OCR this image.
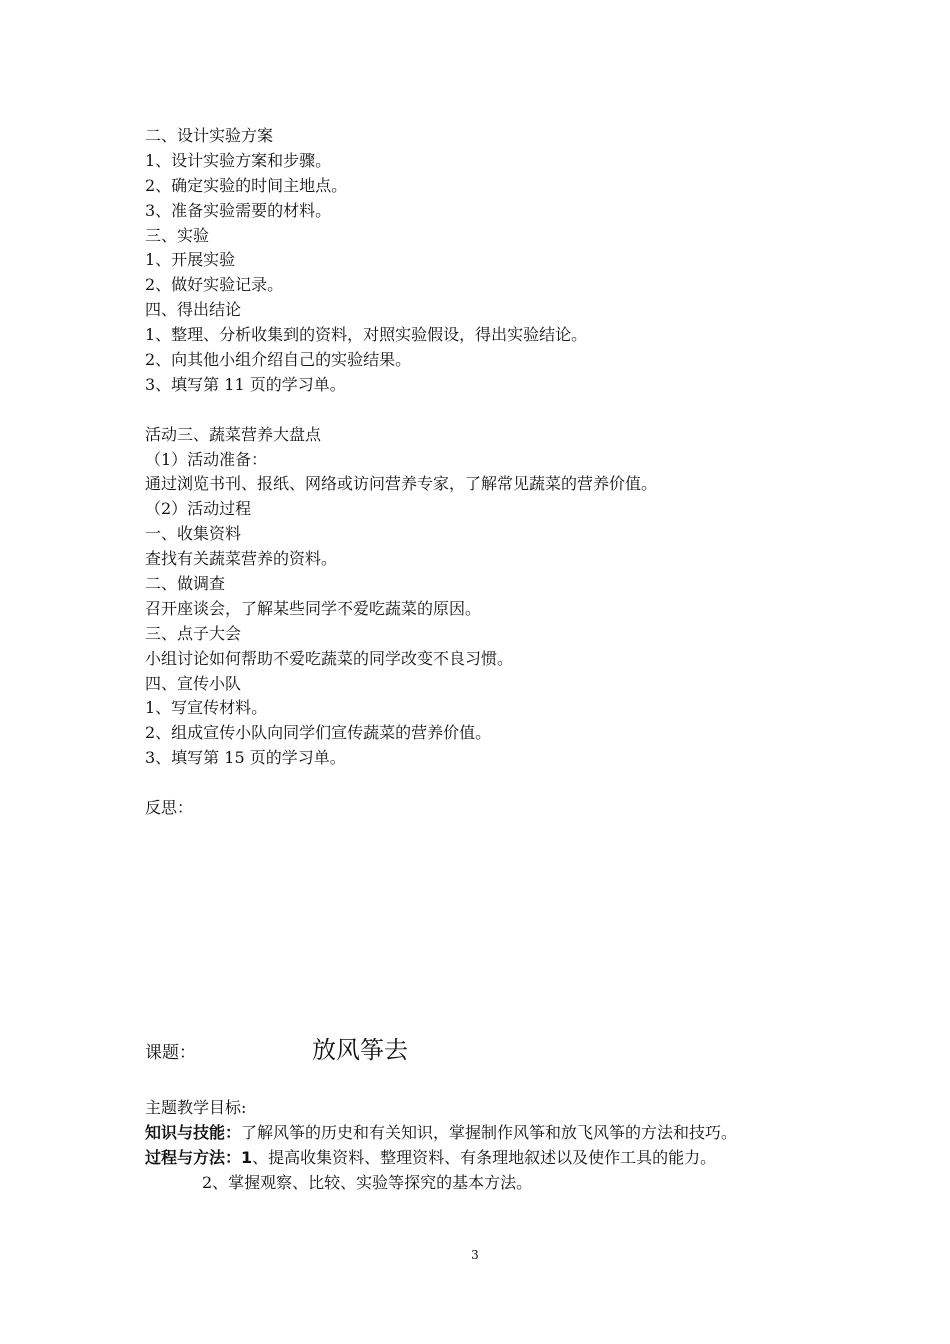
二、设计实验方案
1、设计实验方案和步骤。
2、确定实验的时间主地点。
3、准备实验需要的材料。
三、实验
1、开展实验
2、做好实验记录。
四、得出结论
1、整理、分析收集到的资料，对照实验假设，得出实验结论。
2、向其他小组介绍自己的实验结果。
3、填写第 11 页的学习单。
活动三、蔬菜营养大盘点
（1）活动准备：
通过浏览书刊、报纸、网络或访问营养专家，了解常见蔬菜的营养价值。
（2）活动过程
一、收集资料
查找有关蔬菜营养的资料。
二、做调查
召开座谈会，了解某些同学不爱吃蔬菜的原因。
三、点子大会
小组讨论如何帮助不爱吃蔬菜的同学改变不良习惯。
四、宣传小队
1、写宣传材料。
2、组成宣传小队向同学们宣传蔬菜的营养价值。
3、填写第 15 页的学习单。
反思：
课题：	放风筝去
主题教学目标:
知识与技能：了解风筝的历史和有关知识，掌握制作风筝和放飞风筝的方法和技巧。
过程与方法：1、提高收集资料、整理资料、有条理地叙述以及使作工具的能力。
2、掌握观察、比较、实验等探究的基本方法。
3
